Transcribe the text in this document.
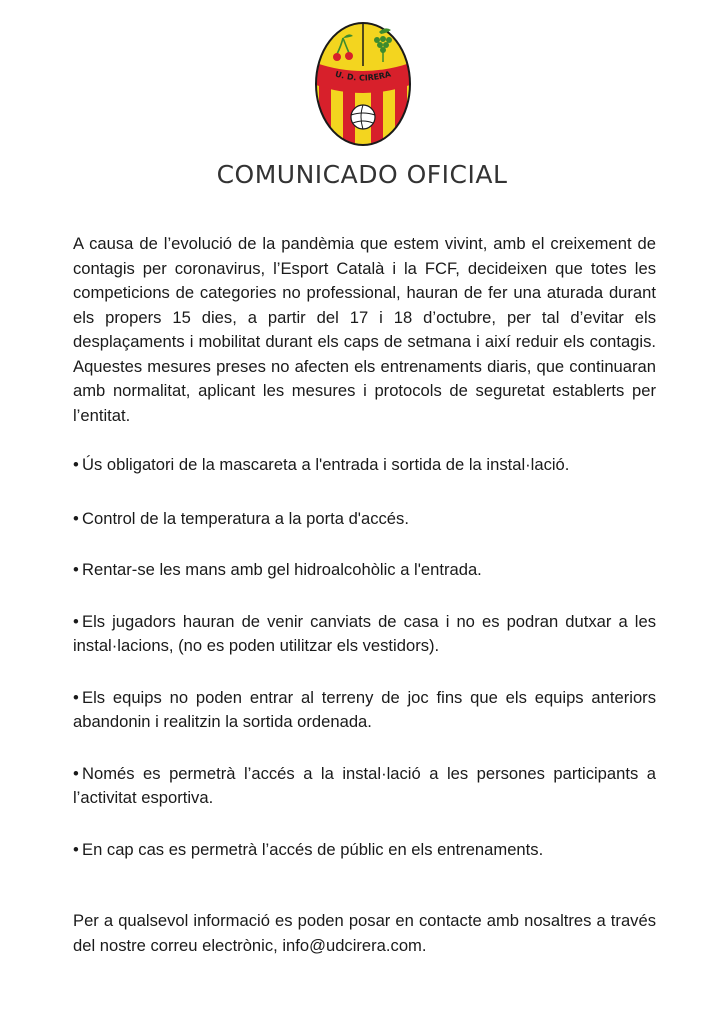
U. D. CIRERA
COMUNICADO OFICIAL

A causa de l’evolució de la pandèmia que estem vivint, amb el creixement de contagis per coronavirus, l’Esport Català i la FCF, decideixen que totes les competicions de categories no professional, hauran de fer una aturada durant els propers 15 dies, a partir del 17 i 18 d’octubre, per tal d’evitar els desplaçaments i mobilitat durant els caps de setmana i així reduir els contagis. Aquestes mesures preses no afecten els entrenaments diaris, que continuaran amb normalitat, aplicant les mesures i protocols de seguretat establerts per l’entitat.

• Ús obligatori de la mascareta a l'entrada i sortida de la instal·lació.
• Control de la temperatura a la porta d'accés.
• Rentar-se les mans amb gel hidroalcohòlic a l'entrada.
• Els jugadors hauran de venir canviats de casa i no es podran dutxar a les instal·lacions, (no es poden utilitzar els vestidors).
• Els equips no poden entrar al terreny de joc fins que els equips anteriors abandonin i realitzin la sortida ordenada.
• Només es permetrà l’accés a la instal·lació a les persones participants a l’activitat esportiva.
• En cap cas es permetrà l’accés de públic en els entrenaments.

Per a qualsevol informació es poden posar en contacte amb nosaltres a través del nostre correu electrònic, info@udcirera.com.
